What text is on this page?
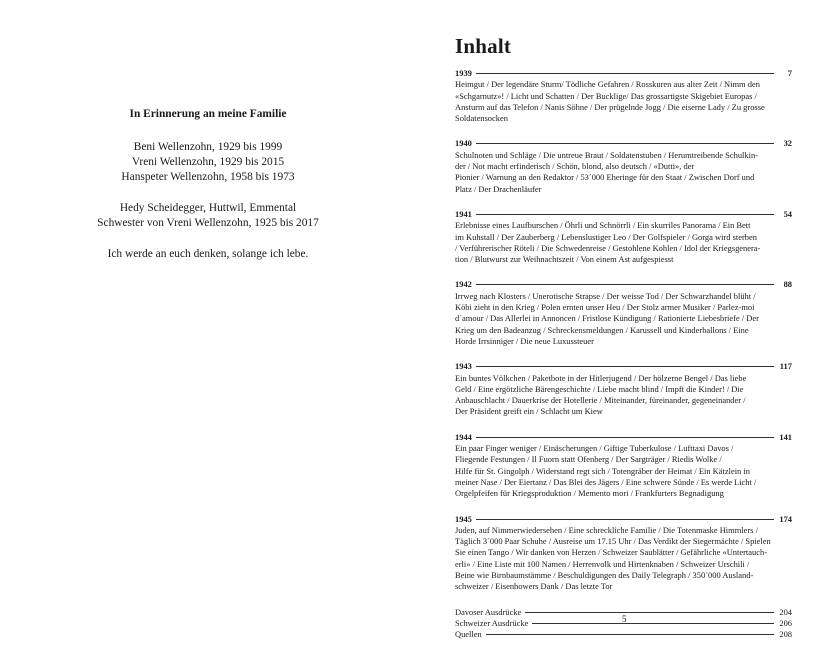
In Erinnerung an meine Familie
Beni Wellenzohn, 1929 bis 1999
Vreni Wellenzohn, 1929 bis 2015
Hanspeter Wellenzohn, 1958 bis 1973
Hedy Scheidegger, Huttwil, Emmental
Schwester von Vreni Wellenzohn, 1925 bis 2017
Ich werde an euch denken, solange ich lebe.
Inhalt
1939	7
Heimgut / Der legendäre Sturm/ Tödliche Gefahren / Rosskuren aus alter Zeit / Nimm den
«Schgarnutz»! / Licht und Schatten / Der Bucklige/ Das grossartigste Skigebiet Europas /
Ansturm auf das Telefon / Nanis Söhne / Der prügelnde Jogg / Die eiserne Lady / Zu grosse
Soldatensocken
1940	32
Schulnoten und Schläge / Die untreue Braut / Soldatenstuben / Herumtreibende Schulkin-
der / Not macht erfinderisch / Schön, blond, also deutsch / «Dutti», der
Pionier / Warnung an den Redaktor / 53´000 Eheringe für den Staat / Zwischen Dorf und
Platz / Der Drachenläufer
1941	54
Erlebnisse eines Laufburschen / Öhrli und Schnörrli / Ein skurriles Panorama / Ein Bett
im Kuhstall / Der Zauberberg / Lebenslustiger Leo / Der Golfspieler / Gorga wird sterben
/ Verführerischer Röteli / Die Schwedenreise / Gestohlene Kohlen / Idol der Kriegsgenera-
tion / Blutwurst zur Weihnachtszeit / Von einem Ast aufgespiesst
1942	88
Irrweg nach Klosters / Unerotische Strapse / Der weisse Tod / Der Schwarzhandel blüht /
Köbi zieht in den Krieg / Polen ernten unser Heu / Der Stolz armer Musiker / Parlez-moi
d´amour / Das Allerlei in Annoncen / Fristlose Kündigung / Rationierte Liebesbriefe / Der
Krieg um den Badeanzug / Schreckensmeldungen / Karussell und Kinderballons / Eine
Horde Irrsinniger / Die neue Luxussteuer
1943	117
Ein buntes Völkchen / Paketbote in der Hitlerjugend / Der hölzerne Bengel / Das liebe
Geld / Eine ergötzliche Bärengeschichte / Liebe macht blind / Impft die Kinder! / Die
Anbauschlacht / Dauerkrise der Hotellerie / Miteinander, füreinander, gegeneinander /
Der Präsident greift ein / Schlacht um Kiew
1944	141
Ein paar Finger weniger / Einäscherungen / Giftige Tuberkulose / Lufttaxi Davos /
Fliegende Festungen / Il Fuorn statt Ofenberg / Der Sargträger / Riedis Wolke /
Hilfe für St. Gingolph / Widerstand regt sich / Totengräber der Heimat / Ein Kätzlein in
meiner Nase / Der Eiertanz / Das Blei des Jägers / Eine schwere Sünde / Es werde Licht /
Orgelpfeifen für Kriegsproduktion / Memento mori / Frankfurters Begnadigung
1945	174
Juden, auf Nimmerwiedersehen / Eine schreckliche Familie / Die Totenmaske Himmlers /
Täglich 3´000 Paar Schuhe / Ausreise um 17.15 Uhr / Das Verdikt der Siegermächte / Spielen
Sie einen Tango / Wir danken von Herzen / Schweizer Saublätter / Gefährliche «Untertauch-
erli» / Eine Liste mit 100 Namen / Herrenvolk und Hirtenknaben / Schweizer Urschili /
Beine wie Birnbaumstämme / Beschuldigungen des Daily Telegraph / 350´000 Ausland-
schweizer / Eisenhowers Dank / Das letzte Tor
Davoser Ausdrücke	204
Schweizer Ausdrücke	206
Quellen	208
5
